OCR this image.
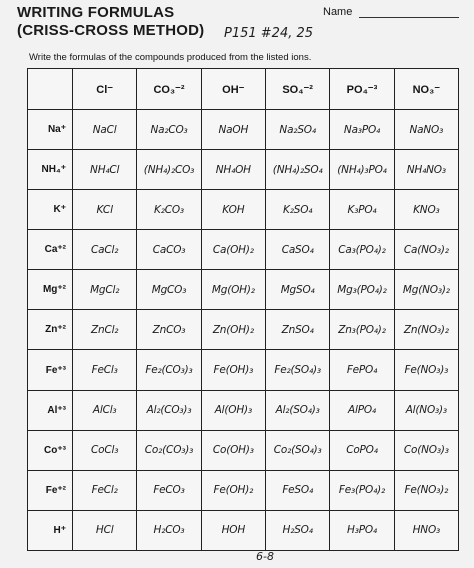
WRITING FORMULAS
(CRISS-CROSS METHOD)
Name
P151 #24, 25
Write the formulas of the compounds produced from the listed ions.
	Cl⁻	CO₃⁻²	OH⁻	SO₄⁻²	PO₄⁻³	NO₃⁻
Na⁺	NaCl	Na₂CO₃	NaOH	Na₂SO₄	Na₃PO₄	NaNO₃
NH₄⁺	NH₄Cl	(NH₄)₂CO₃	NH₄OH	(NH₄)₂SO₄	(NH₄)₃PO₄	NH₄NO₃
K⁺	KCl	K₂CO₃	KOH	K₂SO₄	K₃PO₄	KNO₃
Ca⁺²	CaCl₂	CaCO₃	Ca(OH)₂	CaSO₄	Ca₃(PO₄)₂	Ca(NO₃)₂
Mg⁺²	MgCl₂	MgCO₃	Mg(OH)₂	MgSO₄	Mg₃(PO₄)₂	Mg(NO₃)₂
Zn⁺²	ZnCl₂	ZnCO₃	Zn(OH)₂	ZnSO₄	Zn₃(PO₄)₂	Zn(NO₃)₂
Fe⁺³	FeCl₃	Fe₂(CO₃)₃	Fe(OH)₃	Fe₂(SO₄)₃	FePO₄	Fe(NO₃)₃
Al⁺³	AlCl₃	Al₂(CO₃)₃	Al(OH)₃	Al₂(SO₄)₃	AlPO₄	Al(NO₃)₃
Co⁺³	CoCl₃	Co₂(CO₃)₃	Co(OH)₃	Co₂(SO₄)₃	CoPO₄	Co(NO₃)₃
Fe⁺²	FeCl₂	FeCO₃	Fe(OH)₂	FeSO₄	Fe₃(PO₄)₂	Fe(NO₃)₂
H⁺	HCl	H₂CO₃	HOH	H₂SO₄	H₃PO₄	HNO₃
6-8
